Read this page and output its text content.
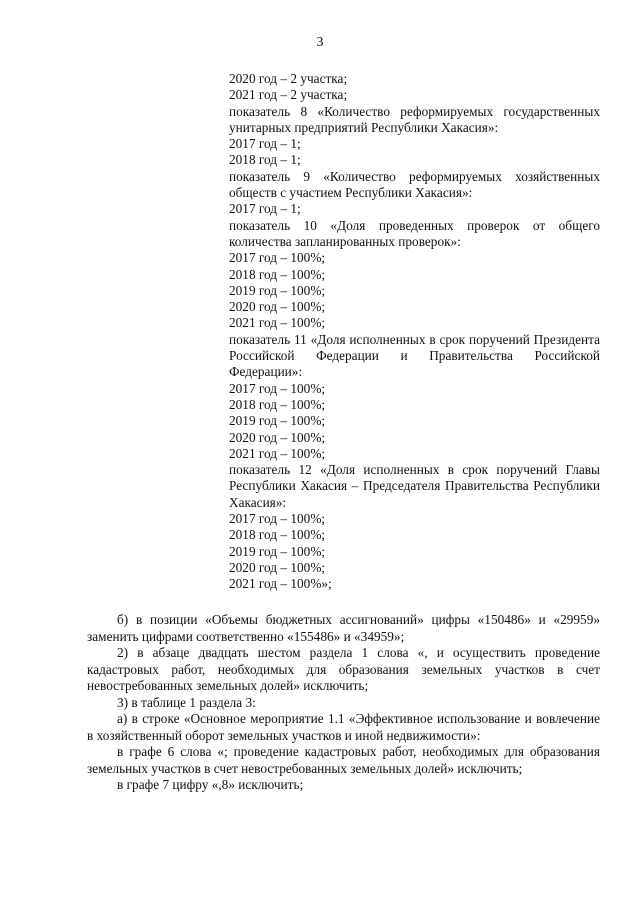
3

2020 год – 2 участка;

2021 год – 2 участка;

показатель 8 «Количество реформируемых государственных унитарных предприятий Республики Хакасия»:

2017 год – 1;

2018 год – 1;

показатель 9 «Количество реформируемых хозяйственных обществ с участием Республики Хакасия»:

2017 год – 1;

показатель 10 «Доля проведенных проверок от общего количества запланированных проверок»:

2017 год – 100%;

2018 год – 100%;

2019 год – 100%;

2020 год – 100%;

2021 год – 100%;

показатель 11 «Доля исполненных в срок поручений Президента Российской Федерации и Правительства Российской Федерации»:

2017 год – 100%;

2018 год – 100%;

2019 год – 100%;

2020 год – 100%;

2021 год – 100%;

показатель 12 «Доля исполненных в срок поручений Главы Республики Хакасия – Председателя Правительства Республики Хакасия»:

2017 год – 100%;

2018 год – 100%;

2019 год – 100%;

2020 год – 100%;

2021 год – 100%»;

б) в позиции «Объемы бюджетных ассигнований» цифры «150486» и «29959» заменить цифрами соответственно «155486» и «34959»;

2) в абзаце двадцать шестом раздела 1 слова «, и осуществить проведение кадастровых работ, необходимых для образования земельных участков в счет невостребованных земельных долей» исключить;

3) в таблице 1 раздела 3:

а) в строке «Основное мероприятие 1.1 «Эффективное использование и вовлечение в хозяйственный оборот земельных участков и иной недвижимости»:

в графе 6 слова «; проведение кадастровых работ, необходимых для образования земельных участков в счет невостребованных земельных долей» исключить;

в графе 7 цифру «,8» исключить;
